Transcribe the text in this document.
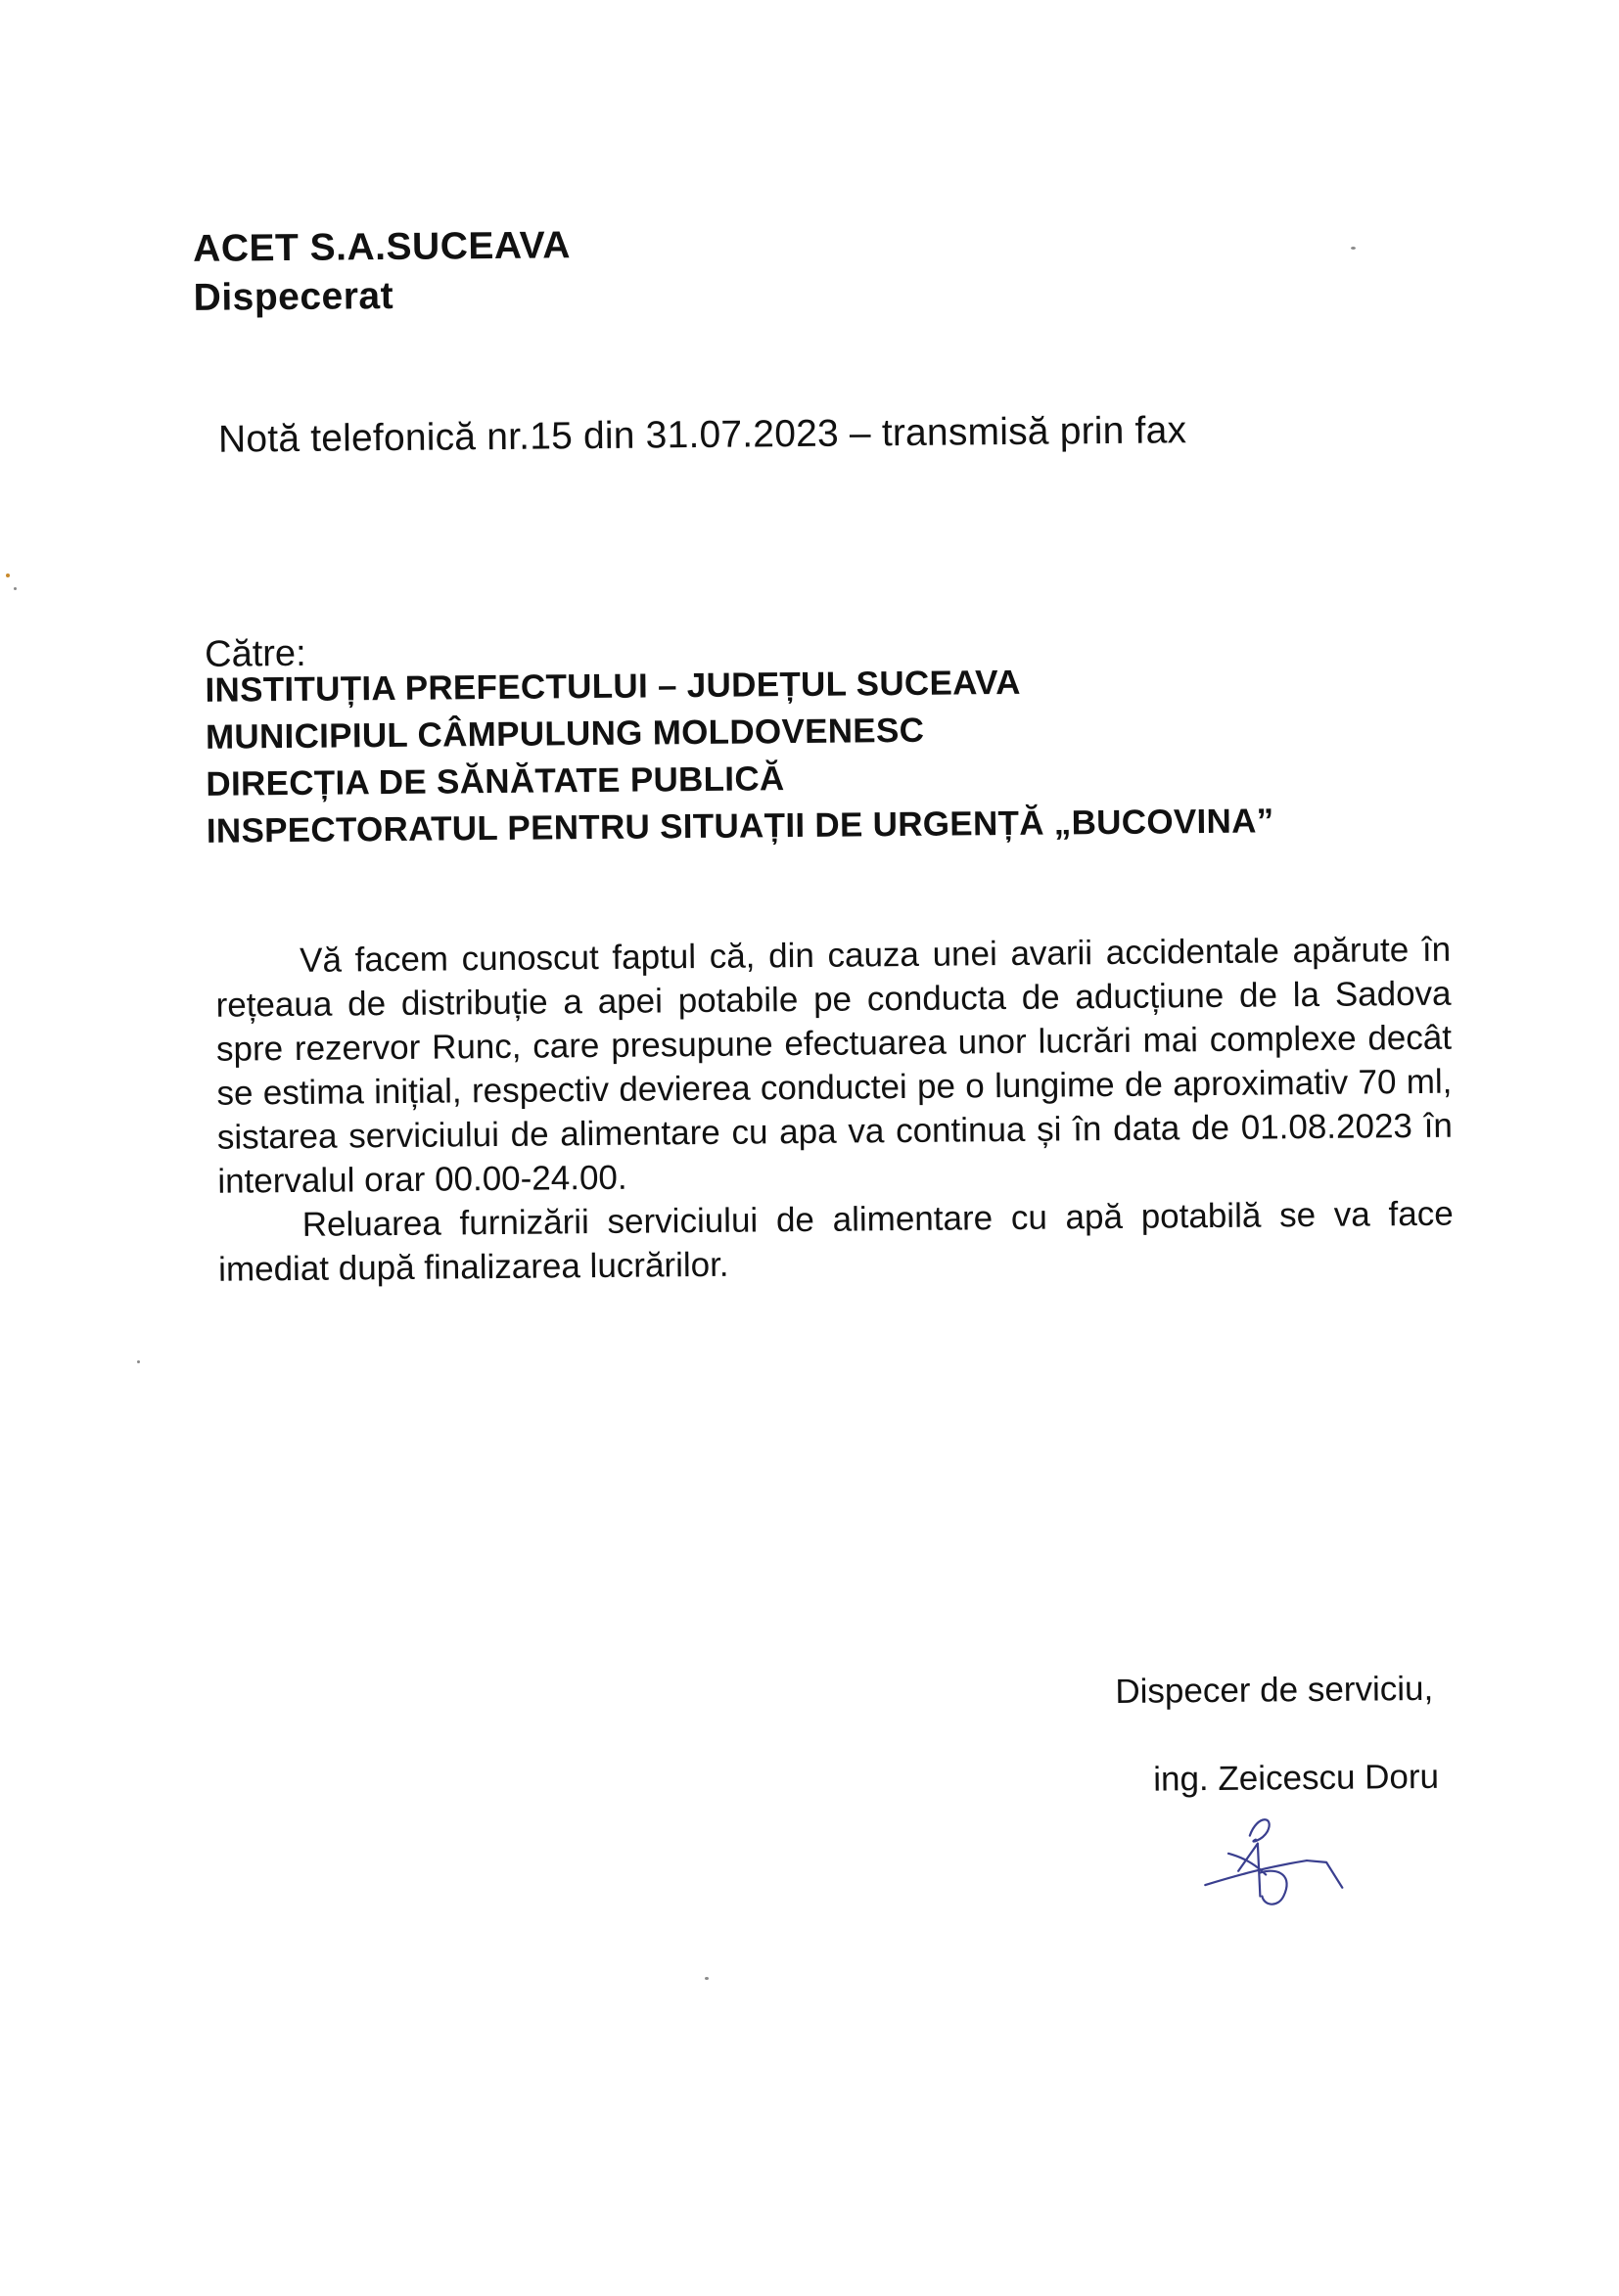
ACET S.A.SUCEAVA
Dispecerat
Notă telefonică nr.15 din 31.07.2023 – transmisă prin fax
Către:
INSTITUȚIA PREFECTULUI – JUDEȚUL SUCEAVA
MUNICIPIUL CÂMPULUNG MOLDOVENESC
DIRECȚIA DE SĂNĂTATE PUBLICĂ
INSPECTORATUL PENTRU SITUAȚII DE URGENȚĂ „BUCOVINA”

Vă facem cunoscut faptul că, din cauza unei avarii accidentale apărute în rețeaua de distribuție a apei potabile pe conducta de aducțiune de la Sadova spre rezervor Runc, care presupune efectuarea unor lucrări mai complexe decât se estima inițial, respectiv devierea conductei pe o lungime de aproximativ 70 ml, sistarea serviciului de alimentare cu apa va continua și în data de 01.08.2023 în intervalul orar 00.00-24.00.

Reluarea furnizării serviciului de alimentare cu apă potabilă se va face imediat după finalizarea lucrărilor.

Dispecer de serviciu,
ing. Zeicescu Doru
